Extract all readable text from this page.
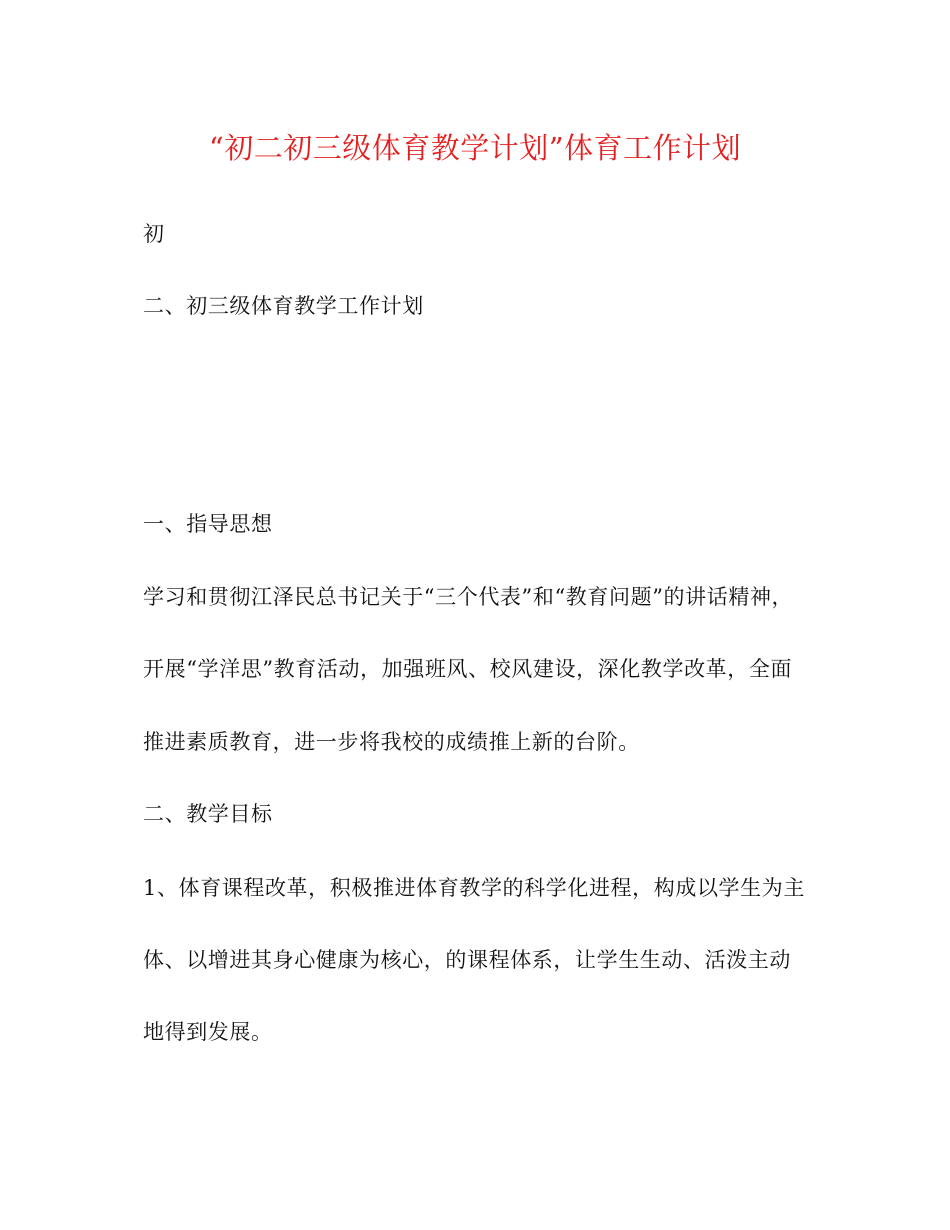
“初二初三级体育教学计划”体育工作计划

初

二、初三级体育教学工作计划

一、指导思想

学习和贯彻江泽民总书记关于“三个代表”和“教育问题”的讲话精神，

开展“学洋思”教育活动，加强班风、校风建设，深化教学改革，全面

推进素质教育，进一步将我校的成绩推上新的台阶。

二、教学目标

1、体育课程改革，积极推进体育教学的科学化进程，构成以学生为主

体、以增进其身心健康为核心，的课程体系，让学生生动、活泼主动

地得到发展。
